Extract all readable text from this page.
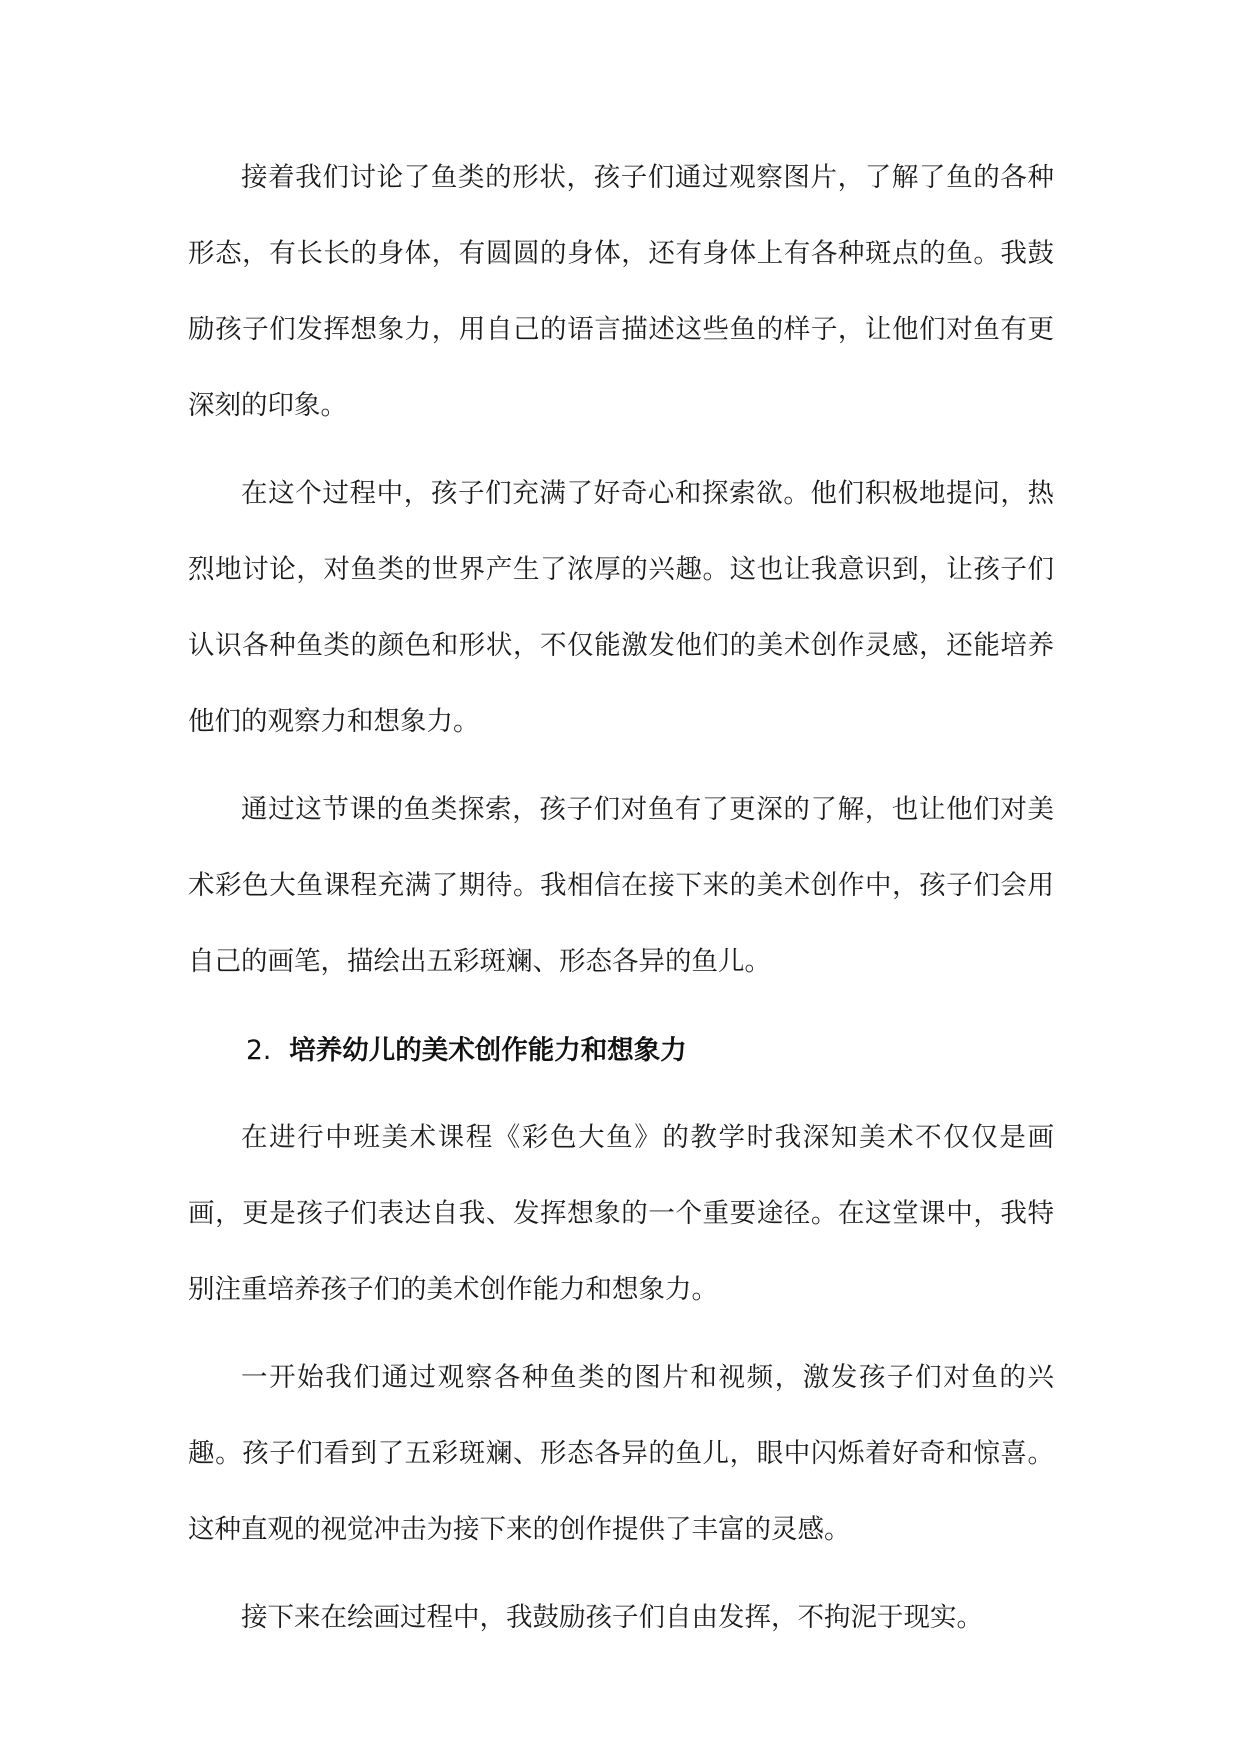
接着我们讨论了鱼类的形状，孩子们通过观察图片，了解了鱼的各种形态，有长长的身体，有圆圆的身体，还有身体上有各种斑点的鱼。我鼓励孩子们发挥想象力，用自己的语言描述这些鱼的样子，让他们对鱼有更深刻的印象。

在这个过程中，孩子们充满了好奇心和探索欲。他们积极地提问，热烈地讨论，对鱼类的世界产生了浓厚的兴趣。这也让我意识到，让孩子们认识各种鱼类的颜色和形状，不仅能激发他们的美术创作灵感，还能培养他们的观察力和想象力。

通过这节课的鱼类探索，孩子们对鱼有了更深的了解，也让他们对美术彩色大鱼课程充满了期待。我相信在接下来的美术创作中，孩子们会用自己的画笔，描绘出五彩斑斓、形态各异的鱼儿。

2. 培养幼儿的美术创作能力和想象力

在进行中班美术课程《彩色大鱼》的教学时我深知美术不仅仅是画画，更是孩子们表达自我、发挥想象的一个重要途径。在这堂课中，我特别注重培养孩子们的美术创作能力和想象力。

一开始我们通过观察各种鱼类的图片和视频，激发孩子们对鱼的兴趣。孩子们看到了五彩斑斓、形态各异的鱼儿，眼中闪烁着好奇和惊喜。这种直观的视觉冲击为接下来的创作提供了丰富的灵感。

接下来在绘画过程中，我鼓励孩子们自由发挥，不拘泥于现实。
